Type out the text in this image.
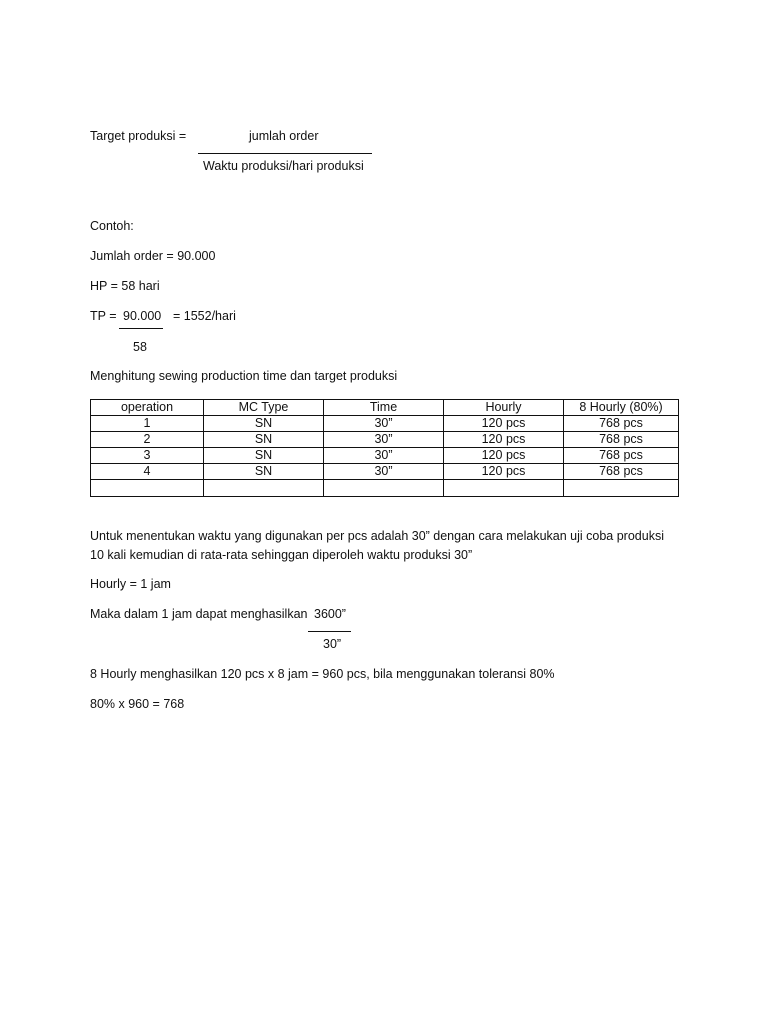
Target produksi =	jumlah order
Waktu produksi/hari produksi
Contoh:
Jumlah order = 90.000
HP = 58 hari
TP = 90.000 = 1552/hari
58
Menghitung sewing production time dan target produksi
operation	MC Type	Time	Hourly	8 Hourly (80%)
1	SN	30”	120 pcs	768 pcs
2	SN	30”	120 pcs	768 pcs
3	SN	30”	120 pcs	768 pcs
4	SN	30”	120 pcs	768 pcs

Untuk menentukan waktu yang digunakan per pcs adalah 30” dengan cara melakukan uji coba produksi
10 kali kemudian di rata-rata sehinggan diperoleh waktu produksi 30”
Hourly = 1 jam
Maka dalam 1 jam dapat menghasilkan 3600”
30”
8 Hourly menghasilkan 120 pcs x 8 jam = 960 pcs, bila menggunakan toleransi 80%
80% x 960 = 768
